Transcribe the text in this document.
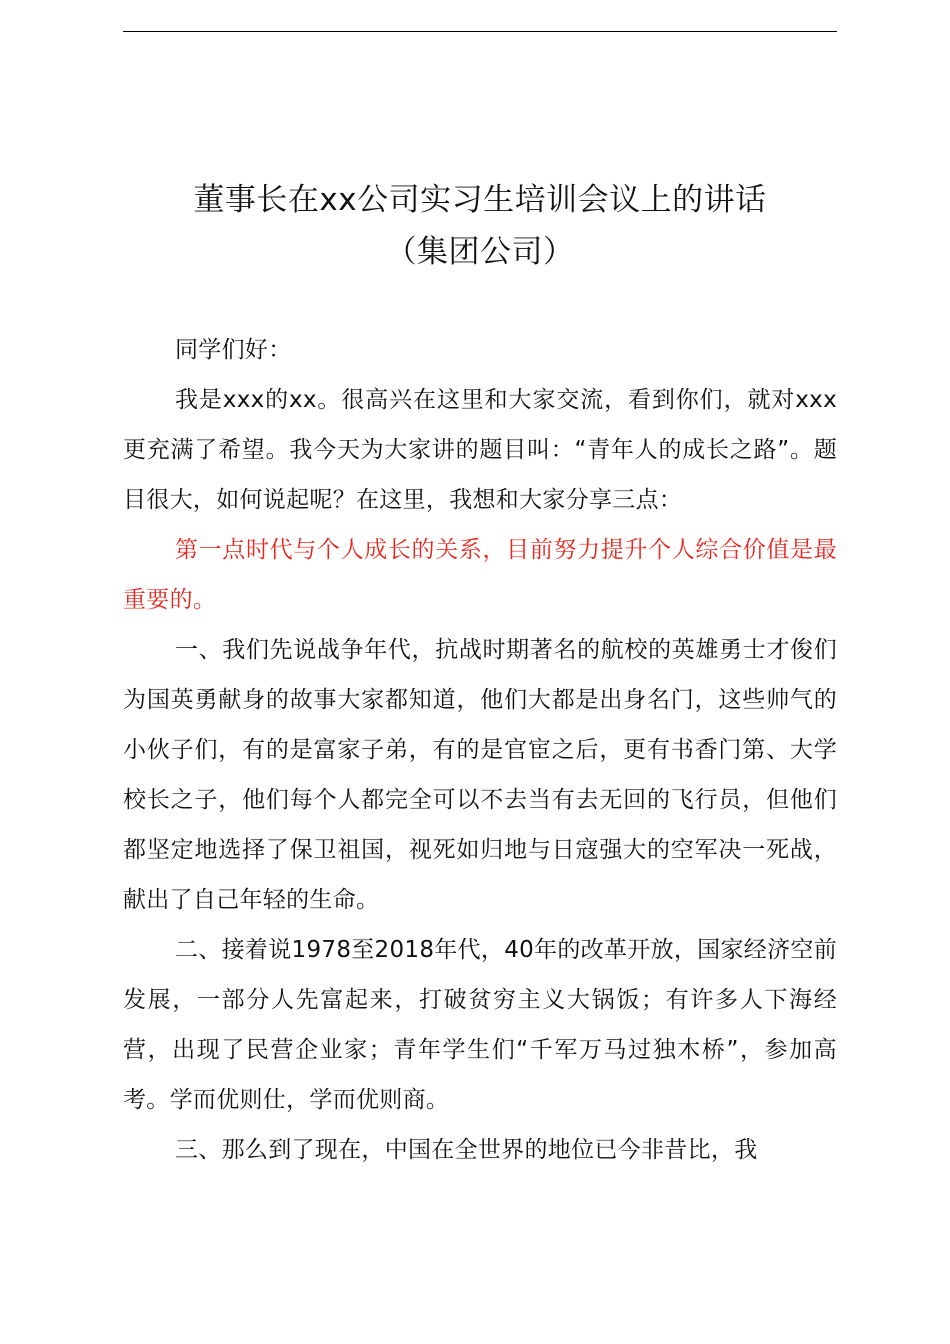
董事长在xx公司实习生培训会议上的讲话

（集团公司）

同学们好：

我是xxx的xx。很高兴在这里和大家交流，看到你们，就对xxx更充满了希望。我今天为大家讲的题目叫：“青年人的成长之路”。题目很大，如何说起呢？在这里，我想和大家分享三点：

第一点时代与个人成长的关系，目前努力提升个人综合价值是最重要的。

一、我们先说战争年代，抗战时期著名的航校的英雄勇士才俊们为国英勇献身的故事大家都知道，他们大都是出身名门，这些帅气的小伙子们，有的是富家子弟，有的是官宦之后，更有书香门第、大学校长之子，他们每个人都完全可以不去当有去无回的飞行员，但他们都坚定地选择了保卫祖国，视死如归地与日寇强大的空军决一死战，献出了自己年轻的生命。

二、接着说1978至2018年代，40年的改革开放，国家经济空前发展，一部分人先富起来，打破贫穷主义大锅饭；有许多人下海经营，出现了民营企业家；青年学生们“千军万马过独木桥”，参加高考。学而优则仕，学而优则商。

三、那么到了现在，中国在全世界的地位已今非昔比，我
